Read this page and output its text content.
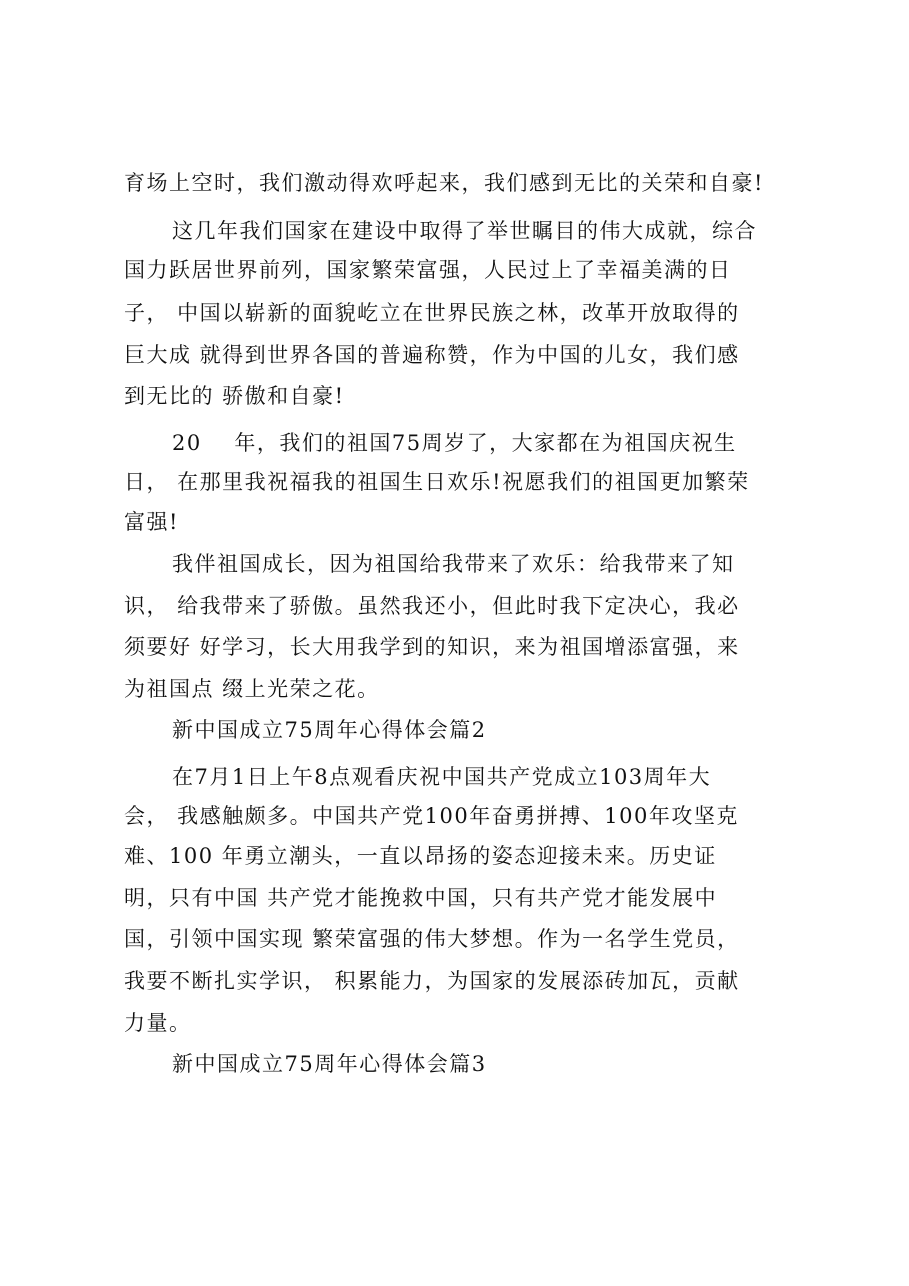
育场上空时，我们激动得欢呼起来，我们感到无比的关荣和自豪!
这几年我们国家在建设中取得了举世瞩目的伟大成就，综合
国力跃居世界前列，国家繁荣富强，人民过上了幸福美满的日
子， 中国以崭新的面貌屹立在世界民族之林，改革开放取得的
巨大成 就得到世界各国的普遍称赞，作为中国的儿女，我们感
到无比的 骄傲和自豪!
20    年，我们的祖国75周岁了，大家都在为祖国庆祝生
日， 在那里我祝福我的祖国生日欢乐!祝愿我们的祖国更加繁荣
富强!
我伴祖国成长，因为祖国给我带来了欢乐：给我带来了知
识， 给我带来了骄傲。虽然我还小，但此时我下定决心，我必
须要好 好学习，长大用我学到的知识，来为祖国增添富强，来
为祖国点 缀上光荣之花。
新中国成立75周年心得体会篇2
在7月1日上午8点观看庆祝中国共产党成立103周年大
会， 我感触颇多。中国共产党100年奋勇拼搏、100年攻坚克
难、100 年勇立潮头，一直以昂扬的姿态迎接未来。历史证
明，只有中国 共产党才能挽救中国，只有共产党才能发展中
国，引领中国实现 繁荣富强的伟大梦想。作为一名学生党员，
我要不断扎实学识， 积累能力，为国家的发展添砖加瓦，贡献
力量。
新中国成立75周年心得体会篇3
